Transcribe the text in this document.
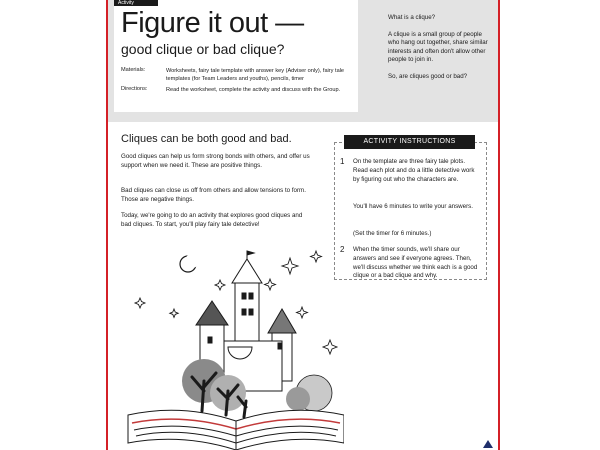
Activity
Figure it out —
good clique or bad clique?
Materials:	Worksheets, fairy tale template with answer key (Adviser only), fairy tale templates (for Team Leaders and youths), pencils, timer
Directions:	Read the worksheet, complete the activity and discuss with the Group.

What is a clique?

A clique is a small group of people who hang out together, share similar interests and often don't allow other people to join in.

So, are cliques good or bad?

Cliques can be both good and bad.

Good cliques can help us form strong bonds with others, and offer us support when we need it. These are positive things.

Bad cliques can close us off from others and allow tensions to form. Those are negative things.

Today, we're going to do an activity that explores good cliques and bad cliques. To start, you'll play fairy tale detective!

ACTIVITY INSTRUCTIONS
1 On the template are three fairy tale plots. Read each plot and do a little detective work by figuring out who the characters are.

You'll have 6 minutes to write your answers.

(Set the timer for 6 minutes.)

2 When the timer sounds, we'll share our answers and see if everyone agrees. Then, we'll discuss whether we think each is a good clique or a bad clique and why.
